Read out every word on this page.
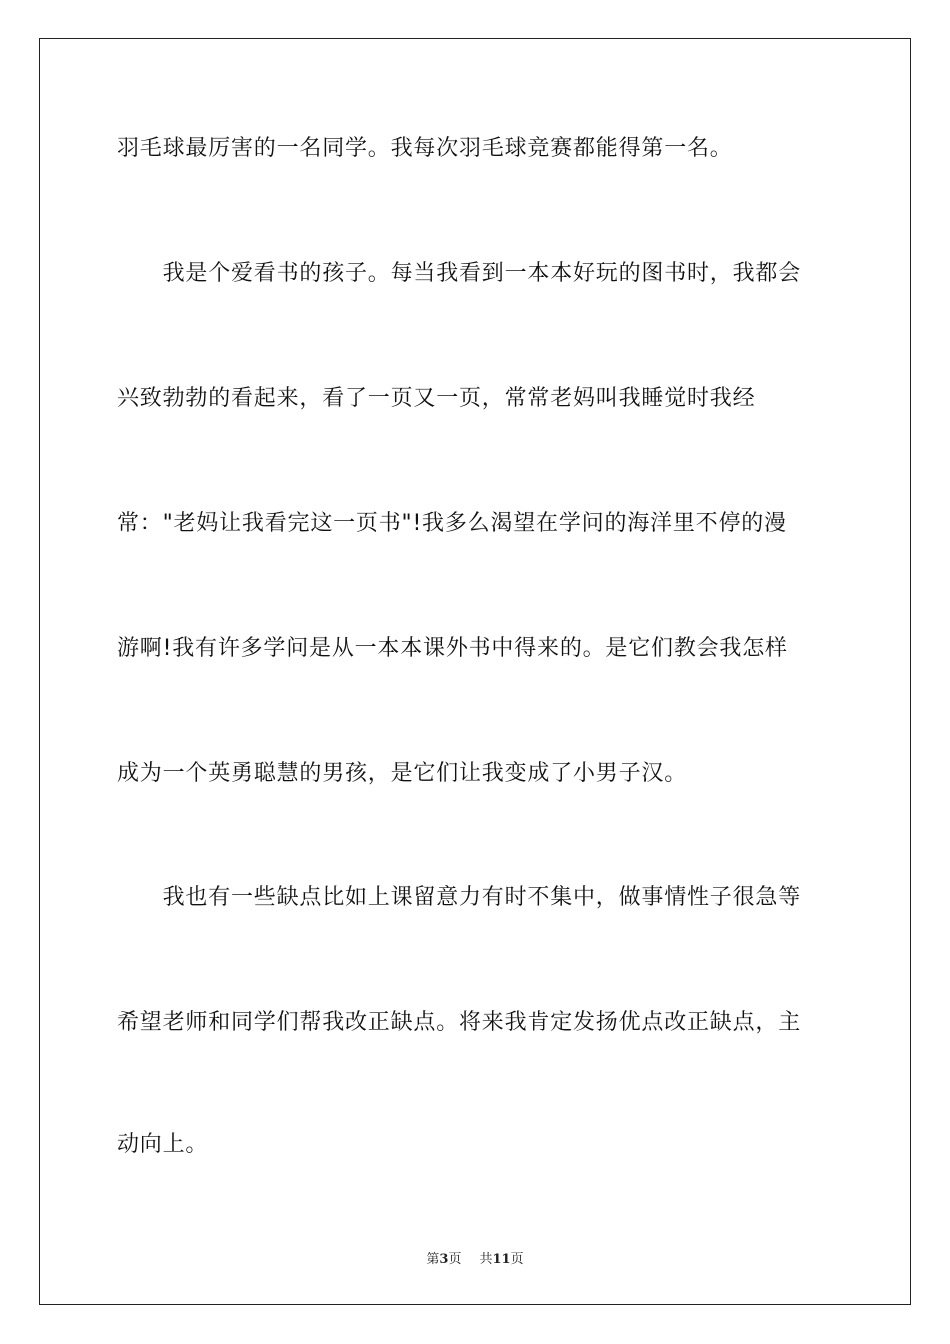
羽毛球最厉害的一名同学。我每次羽毛球竞赛都能得第一名。
　　我是个爱看书的孩子。每当我看到一本本好玩的图书时，我都会
兴致勃勃的看起来，看了一页又一页，常常老妈叫我睡觉时我经
常："老妈让我看完这一页书"!我多么渴望在学问的海洋里不停的漫
游啊!我有许多学问是从一本本课外书中得来的。是它们教会我怎样
成为一个英勇聪慧的男孩，是它们让我变成了小男子汉。
　　我也有一些缺点比如上课留意力有时不集中，做事情性子很急等
希望老师和同学们帮我改正缺点。将来我肯定发扬优点改正缺点，主
动向上。
第3页 共11页
